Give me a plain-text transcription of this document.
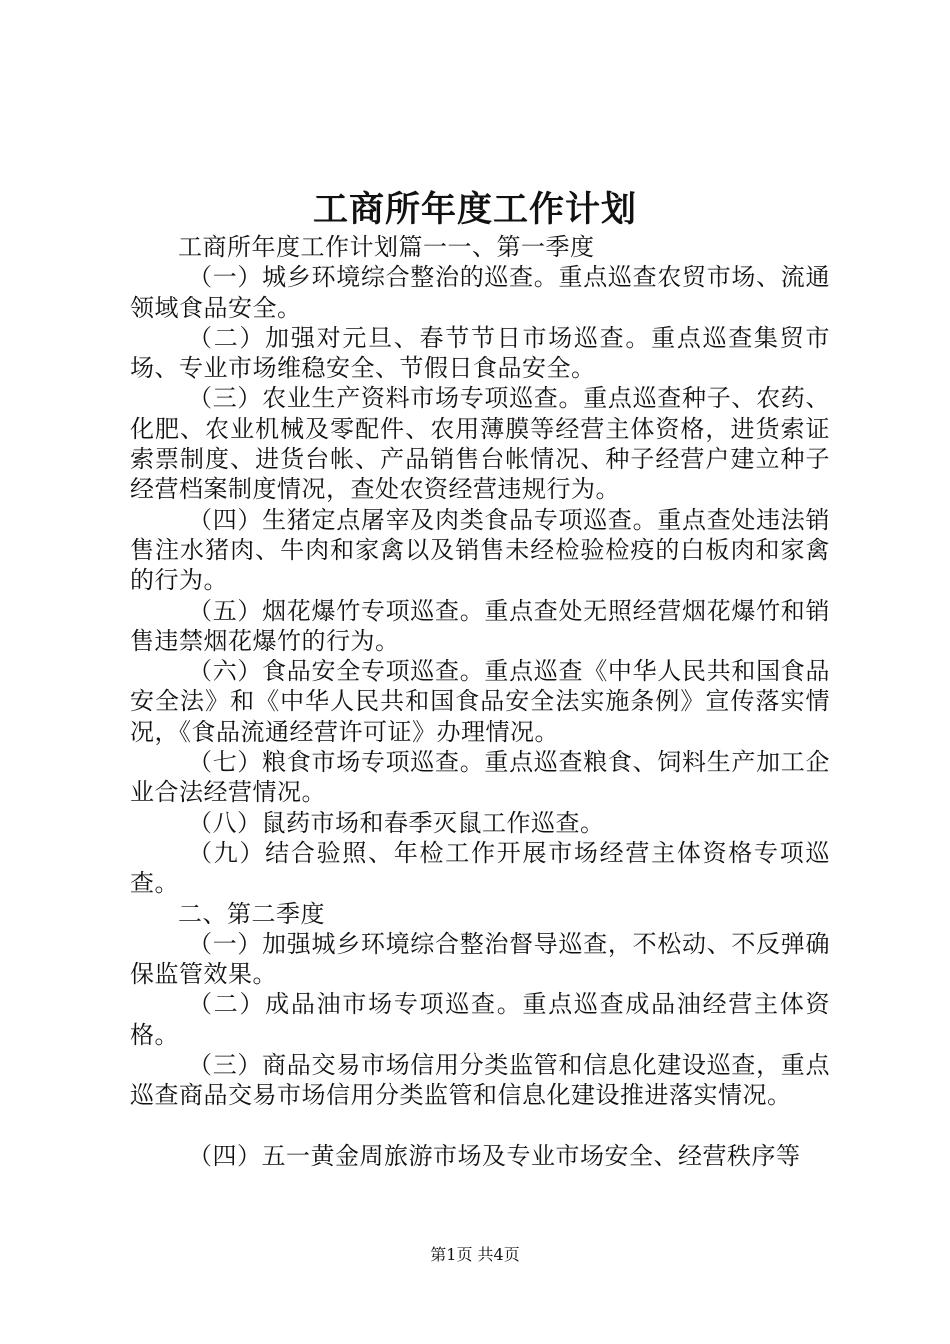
工商所年度工作计划

工商所年度工作计划篇一一、第一季度

（一）城乡环境综合整治的巡查。重点巡查农贸市场、流通领域食品安全。

（二）加强对元旦、春节节日市场巡查。重点巡查集贸市场、专业市场维稳安全、节假日食品安全。

（三）农业生产资料市场专项巡查。重点巡查种子、农药、化肥、农业机械及零配件、农用薄膜等经营主体资格，进货索证索票制度、进货台帐、产品销售台帐情况、种子经营户建立种子经营档案制度情况，查处农资经营违规行为。

（四）生猪定点屠宰及肉类食品专项巡查。重点查处违法销售注水猪肉、牛肉和家禽以及销售未经检验检疫的白板肉和家禽的行为。

（五）烟花爆竹专项巡查。重点查处无照经营烟花爆竹和销售违禁烟花爆竹的行为。

（六）食品安全专项巡查。重点巡查《中华人民共和国食品安全法》和《中华人民共和国食品安全法实施条例》宣传落实情况，《食品流通经营许可证》办理情况。

（七）粮食市场专项巡查。重点巡查粮食、饲料生产加工企业合法经营情况。

（八）鼠药市场和春季灭鼠工作巡查。

（九）结合验照、年检工作开展市场经营主体资格专项巡查。

二、第二季度

（一）加强城乡环境综合整治督导巡查，不松动、不反弹确保监管效果。

（二）成品油市场专项巡查。重点巡查成品油经营主体资格。

（三）商品交易市场信用分类监管和信息化建设巡查，重点巡查商品交易市场信用分类监管和信息化建设推进落实情况。

（四）五一黄金周旅游市场及专业市场安全、经营秩序等

第1页 共4页
